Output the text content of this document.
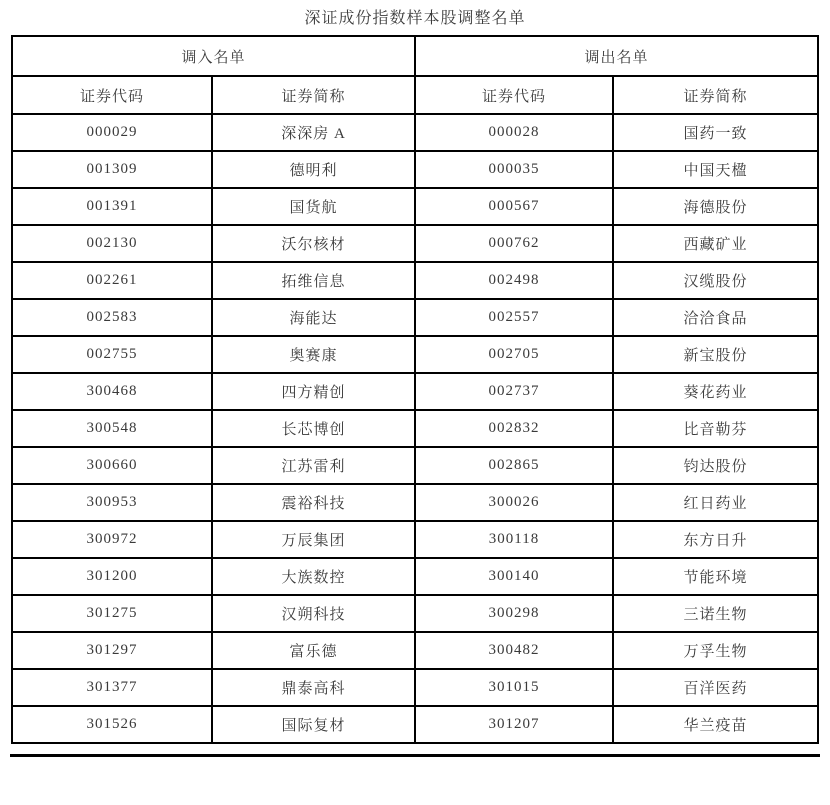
深证成份指数样本股调整名单
调入名单		调出名单	
证券代码	证券简称	证券代码	证券简称
000029	深深房 A	000028	国药一致
001309	德明利	000035	中国天楹
001391	国货航	000567	海德股份
002130	沃尔核材	000762	西藏矿业
002261	拓维信息	002498	汉缆股份
002583	海能达	002557	洽洽食品
002755	奥赛康	002705	新宝股份
300468	四方精创	002737	葵花药业
300548	长芯博创	002832	比音勒芬
300660	江苏雷利	002865	钧达股份
300953	震裕科技	300026	红日药业
300972	万辰集团	300118	东方日升
301200	大族数控	300140	节能环境
301275	汉朔科技	300298	三诺生物
301297	富乐德	300482	万孚生物
301377	鼎泰高科	301015	百洋医药
301526	国际复材	301207	华兰疫苗
